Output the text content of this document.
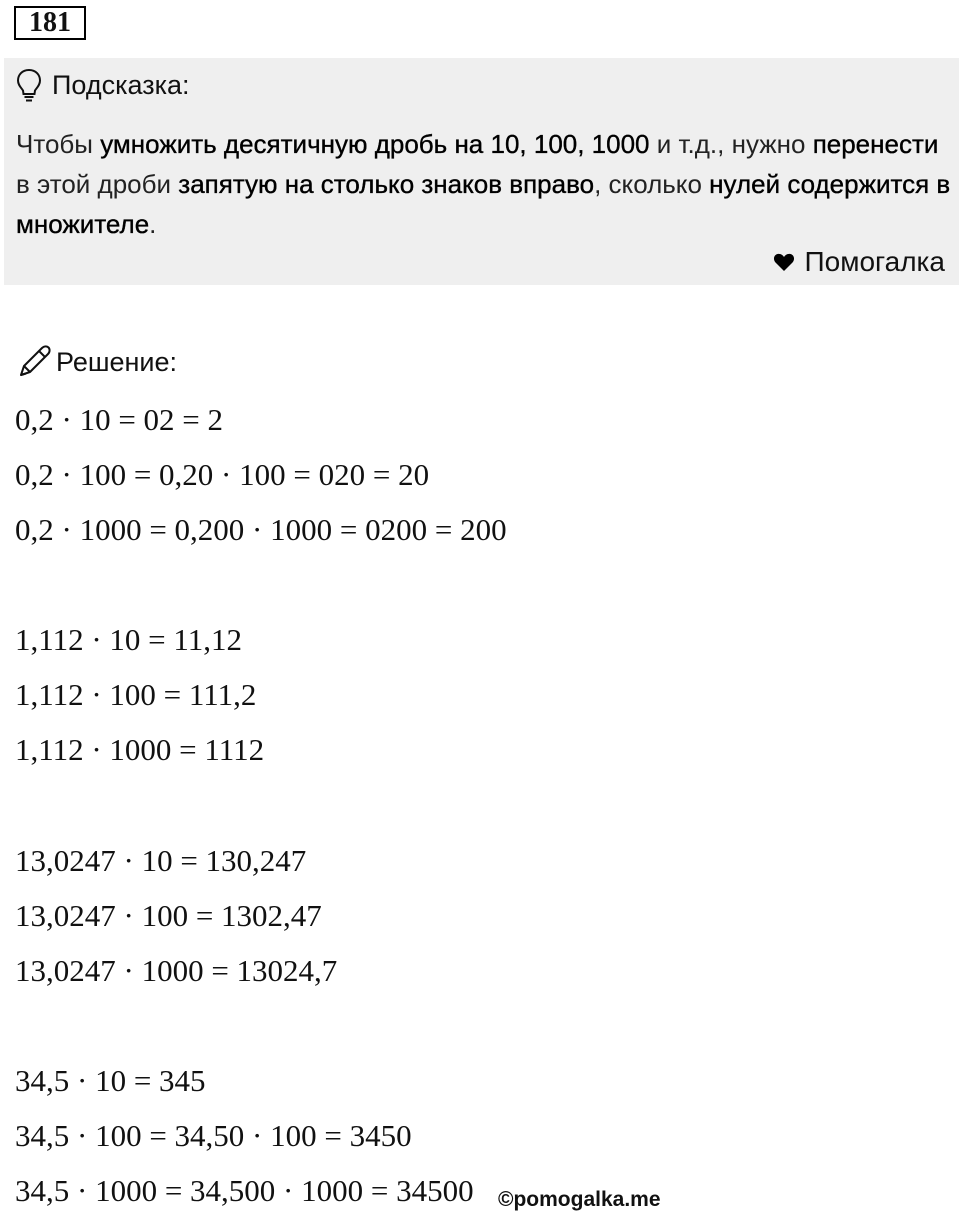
181
Подсказка:
Чтобы умножить десятичную дробь на 10, 100, 1000 и т.д., нужно перенести в этой дроби запятую на столько знаков вправо, сколько нулей содержится в множителе.
Помогалка
Решение:
0,2 · 10 = 02 = 2
0,2 · 100 = 0,20 · 100 = 020 = 20
0,2 · 1000 = 0,200 · 1000 = 0200 = 200
1,112 · 10 = 11,12
1,112 · 100 = 111,2
1,112 · 1000 = 1112
13,0247 · 10 = 130,247
13,0247 · 100 = 1302,47
13,0247 · 1000 = 13024,7
34,5 · 10 = 345
34,5 · 100 = 34,50 · 100 = 3450
34,5 · 1000 = 34,500 · 1000 = 34500 ©pomogalka.me
